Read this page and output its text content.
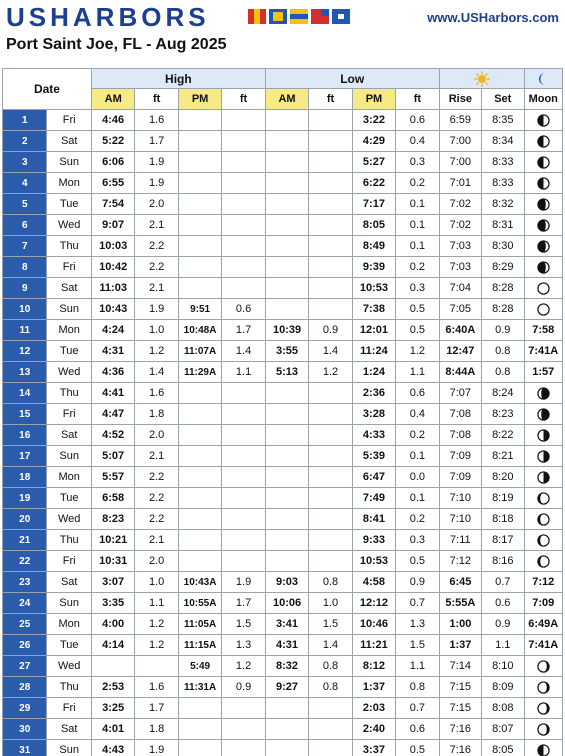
USHARBORS	www.USHarbors.com
Port Saint Joe, FL - Aug 2025
Date		High				Low		
		AM	ft	PM	ft	AM	ft	PM	ft	Rise	Set	Moon
1	Fri	4:46	1.6					3:22	0.6	6:59	8:35	
2	Sat	5:22	1.7					4:29	0.4	7:00	8:34	
3	Sun	6:06	1.9					5:27	0.3	7:00	8:33	
4	Mon	6:55	1.9					6:22	0.2	7:01	8:33	
5	Tue	7:54	2.0					7:17	0.1	7:02	8:32	
6	Wed	9:07	2.1					8:05	0.1	7:02	8:31	
7	Thu	10:03	2.2					8:49	0.1	7:03	8:30	
8	Fri	10:42	2.2					9:39	0.2	7:03	8:29	
9	Sat	11:03	2.1					10:53	0.3	7:04	8:28	
10	Sun	10:43	1.9	9:51	0.6			7:38	0.5	7:05	8:28	
11	Mon	4:24	1.0	10:48A	1.7	10:39	0.9	12:01	0.5	6:40A	0.9	7:58
12	Tue	4:31	1.2	11:07A	1.4	3:55	1.4	11:24	1.2	12:47	0.8	7:41A
13	Wed	4:36	1.4	11:29A	1.1	5:13	1.2	1:24	1.1	8:44A	0.8	1:57
14	Thu	4:41	1.6					2:36	0.6	7:07	8:24	
15	Fri	4:47	1.8					3:28	0.4	7:08	8:23	
16	Sat	4:52	2.0					4:33	0.2	7:08	8:22	
17	Sun	5:07	2.1					5:39	0.1	7:09	8:21	
18	Mon	5:57	2.2					6:47	0.0	7:09	8:20	
19	Tue	6:58	2.2					7:49	0.1	7:10	8:19	
20	Wed	8:23	2.2					8:41	0.2	7:10	8:18	
21	Thu	10:21	2.1					9:33	0.3	7:11	8:17	
22	Fri	10:31	2.0					10:53	0.5	7:12	8:16	
23	Sat	3:07	1.0	10:43A	1.9	9:03	0.8	4:58	0.9	6:45	0.7	7:12
24	Sun	3:35	1.1	10:55A	1.7	10:06	1.0	12:12	0.7	5:55A	0.6	7:09
25	Mon	4:00	1.2	11:05A	1.5	3:41	1.5	10:46	1.3	1:00	0.9	6:49A
26	Tue	4:14	1.2	11:15A	1.3	4:31	1.4	11:21	1.5	1:37	1.1	7:41A
27	Wed			5:49	1.2	8:32	0.8	8:12	1.1	7:14	8:10	
28	Thu	2:53	1.6	11:31A	0.9	9:27	0.8	1:37	0.8	7:15	8:09	
29	Fri	3:25	1.7					2:03	0.7	7:15	8:08	
30	Sat	4:01	1.8					2:40	0.6	7:16	8:07	
31	Sun	4:43	1.9					3:37	0.5	7:16	8:05	
